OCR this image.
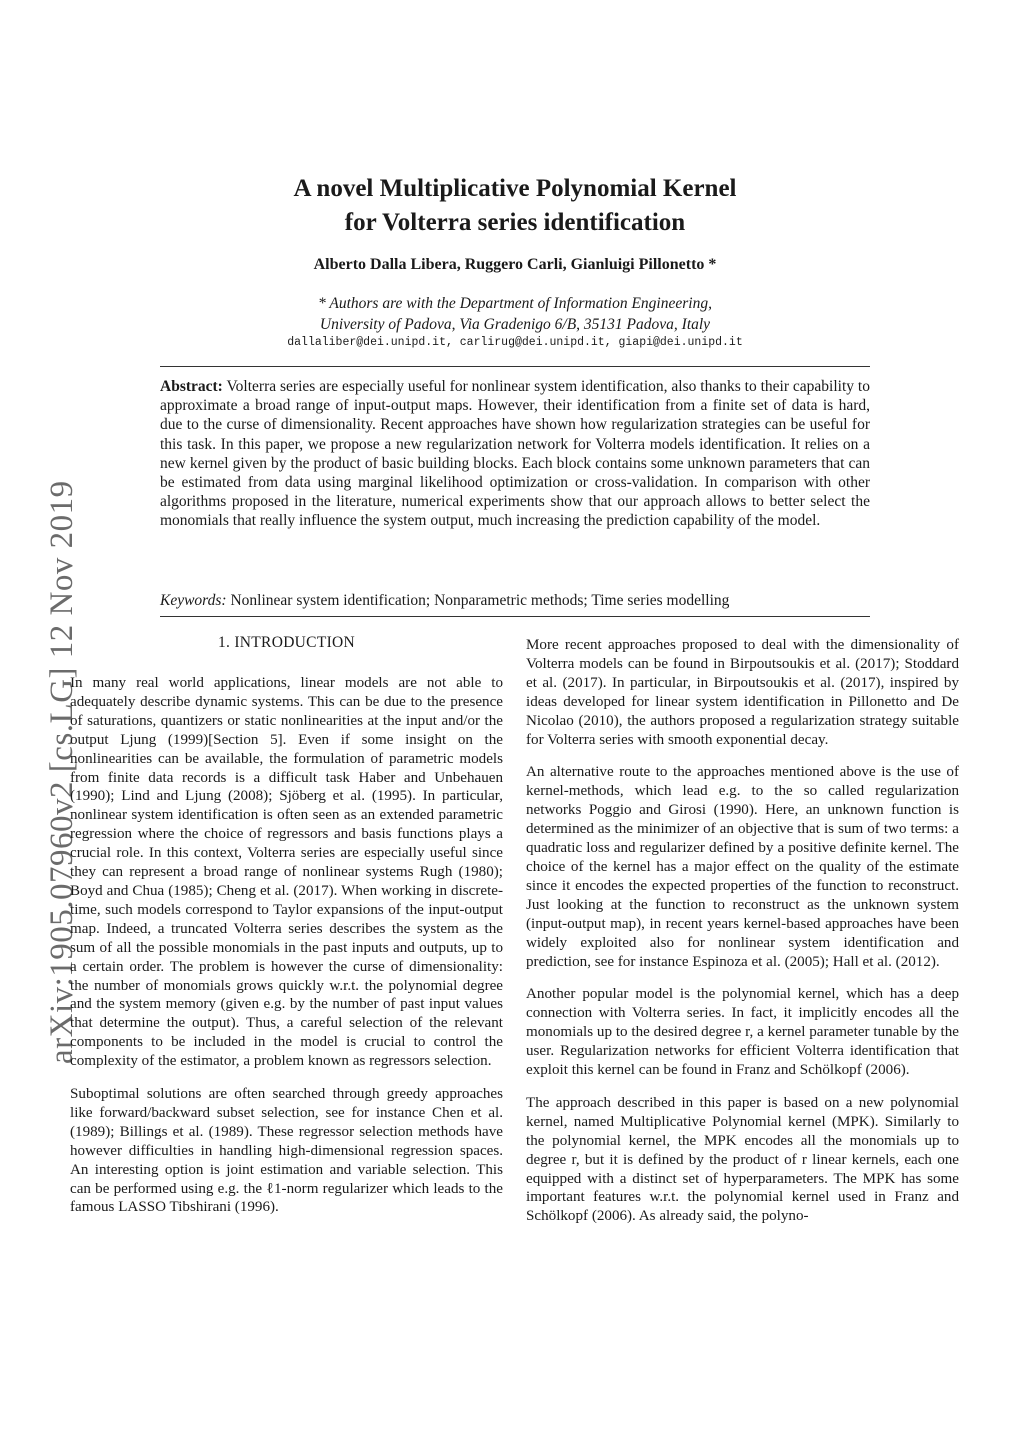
arXiv:1905.07960v2 [cs.LG] 12 Nov 2019
A novel Multiplicative Polynomial Kernel
for Volterra series identification
Alberto Dalla Libera, Ruggero Carli, Gianluigi Pillonetto *
* Authors are with the Department of Information Engineering,
University of Padova, Via Gradenigo 6/B, 35131 Padova, Italy
dallaliber@dei.unipd.it, carlirug@dei.unipd.it, giapi@dei.unipd.it
Abstract: Volterra series are especially useful for nonlinear system identification, also thanks to their capability to approximate a broad range of input-output maps. However, their identification from a finite set of data is hard, due to the curse of dimensionality. Recent approaches have shown how regularization strategies can be useful for this task. In this paper, we propose a new regularization network for Volterra models identification. It relies on a new kernel given by the product of basic building blocks. Each block contains some unknown parameters that can be estimated from data using marginal likelihood optimization or cross-validation. In comparison with other algorithms proposed in the literature, numerical experiments show that our approach allows to better select the monomials that really influence the system output, much increasing the prediction capability of the model.
Keywords: Nonlinear system identification; Nonparametric methods; Time series modelling
1. INTRODUCTION

In many real world applications, linear models are not able to adequately describe dynamic systems. This can be due to the presence of saturations, quantizers or static nonlinearities at the input and/or the output Ljung (1999)[Section 5]. Even if some insight on the nonlinearities can be available, the formulation of parametric models from finite data records is a difficult task Haber and Unbehauen (1990); Lind and Ljung (2008); Sjöberg et al. (1995). In particular, nonlinear system identification is often seen as an extended parametric regression where the choice of regressors and basis functions plays a crucial role. In this context, Volterra series are especially useful since they can represent a broad range of nonlinear systems Rugh (1980); Boyd and Chua (1985); Cheng et al. (2017). When working in discrete-time, such models correspond to Taylor expansions of the input-output map. Indeed, a truncated Volterra series describes the system as the sum of all the possible monomials in the past inputs and outputs, up to a certain order. The problem is however the curse of dimensionality: the number of monomials grows quickly w.r.t. the polynomial degree and the system memory (given e.g. by the number of past input values that determine the output). Thus, a careful selection of the relevant components to be included in the model is crucial to control the complexity of the estimator, a problem known as regressors selection.

Suboptimal solutions are often searched through greedy approaches like forward/backward subset selection, see for instance Chen et al. (1989); Billings et al. (1989). These regressor selection methods have however difficulties in handling high-dimensional regression spaces. An interesting option is joint estimation and variable selection. This can be performed using e.g. the ℓ1-norm regularizer which leads to the famous LASSO Tibshirani (1996).

More recent approaches proposed to deal with the dimensionality of Volterra models can be found in Birpoutsoukis et al. (2017); Stoddard et al. (2017). In particular, in Birpoutsoukis et al. (2017), inspired by ideas developed for linear system identification in Pillonetto and De Nicolao (2010), the authors proposed a regularization strategy suitable for Volterra series with smooth exponential decay.

An alternative route to the approaches mentioned above is the use of kernel-methods, which lead e.g. to the so called regularization networks Poggio and Girosi (1990). Here, an unknown function is determined as the minimizer of an objective that is sum of two terms: a quadratic loss and regularizer defined by a positive definite kernel. The choice of the kernel has a major effect on the quality of the estimate since it encodes the expected properties of the function to reconstruct. Just looking at the function to reconstruct as the unknown system (input-output map), in recent years kernel-based approaches have been widely exploited also for nonlinear system identification and prediction, see for instance Espinoza et al. (2005); Hall et al. (2012).

Another popular model is the polynomial kernel, which has a deep connection with Volterra series. In fact, it implicitly encodes all the monomials up to the desired degree r, a kernel parameter tunable by the user. Regularization networks for efficient Volterra identification that exploit this kernel can be found in Franz and Schölkopf (2006).

The approach described in this paper is based on a new polynomial kernel, named Multiplicative Polynomial kernel (MPK). Similarly to the polynomial kernel, the MPK encodes all the monomials up to degree r, but it is defined by the product of r linear kernels, each one equipped with a distinct set of hyperparameters. The MPK has some important features w.r.t. the polynomial kernel used in Franz and Schölkopf (2006). As already said, the polyno-
